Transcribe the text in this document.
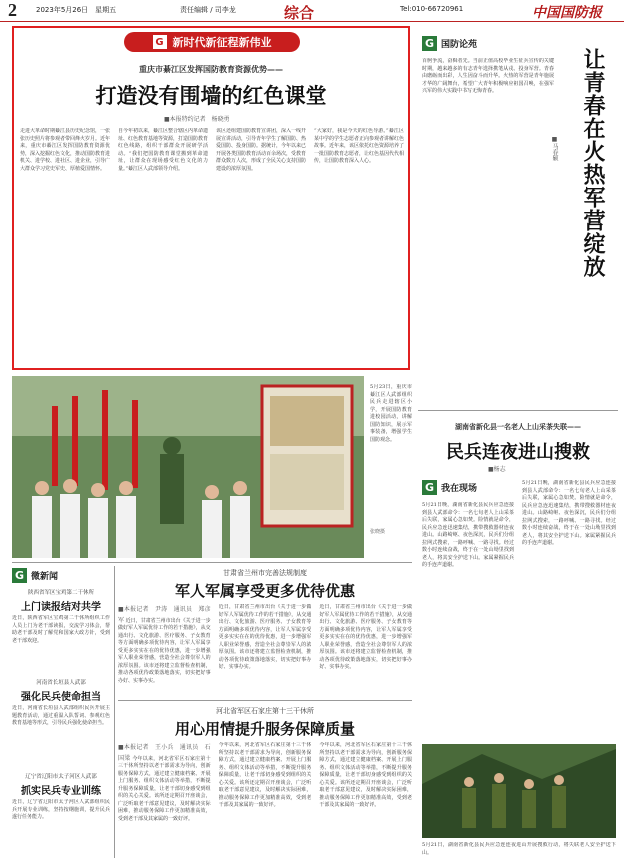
2	2023年5月26日　星期五	责任编辑 / 司李龙	综合	Tel:010-66720961	中国国防报
G 新时代新征程新伟业
重庆市綦江区发挥国防教育资源优势——
打造没有围墙的红色课堂
■本报特约记者　杨晓勇
走进大革命时期綦江县历史纪念馆，一张张历史照片将参观者带回烽火岁月。近年来，重庆市綦江区发挥国防教育资源优势，深入挖掘红色文化，推动国防教育进机关、进学校、进社区、进企业，引导广大群众学习党史军史、厚植爱国情怀。
自今年初以来，綦江区整合辖区内革命遗址、红色教育基地等资源，打造国防教育红色线路，组织干部群众开展研学活动。“我们把国防教育课堂搬到革命遗址，让群众在现场感受红色文化的力量。”綦江区人武部领导介绍。
该区还组建国防教育宣讲团，深入一线开展宣讲活动，引导青年学生了解国防、热爱国防、投身国防。据统计，今年以来已开展各类国防教育活动百余场次，受教育群众数万人次，形成了全民关心支持国防建设的浓厚氛围。
“大家好，我是今天的红色导游。”綦江区某中学的学生志愿者正向参观者讲解红色故事。近年来，该区依托红色资源培养了一批国防教育志愿者，让红色基因代代相传，让国防教育深入人心。
G 国防论苑
百舸争流，奋楫者先。当前正值高校毕业生征兵宣传的关键时期，越来越多的有志青年选择携笔从戎、投身军营。青春由磨砺而出彩，人生因奋斗而升华。火热的军营是青年施展才华的广阔舞台，希望广大青年积极响应祖国召唤，在强军兴军的伟大实践中书写无悔青春。	让青春在火热军营绽放
■马春颖
5月23日，重庆市綦江区人武部组织民兵走进辖区小学，开展国防教育进校园活动，讲解国防知识，展示军事装备，增强学生国防观念。
张晓摄
湖南省新化县一名老人上山采茶失联——
民兵连夜进山搜救
■杨志
G 我在现场
5月21日晚，湖南省新化县民兵应急连接到县人武部命令：一名七旬老人上山采茶后失联，家属心急如焚。险情就是命令，民兵应急连迅速集结，携带搜救器材连夜进山。山路崎岖、夜色深沉，民兵们分组拉网式搜索，一路呼喊、一路寻找。经过数小时连续奋战，终于在一处山坳里找到老人，将其安全护送下山。家属紧握民兵的手连声道谢。
5月21日晚，湖南省新化县民兵应急连接到县人武部命令：一名七旬老人上山采茶后失联，家属心急如焚。险情就是命令，民兵应急连迅速集结，携带搜救器材连夜进山。山路崎岖、夜色深沉，民兵们分组拉网式搜索，一路呼喊、一路寻找。经过数小时连续奋战，终于在一处山坳里找到老人，将其安全护送下山。家属紧握民兵的手连声道谢。
5月21日，湖南省新化县民兵应急连连夜进山开展搜救行动，将失联老人安全护送下山。
G 微新闻
陕西省军区宝鸡第二干休所
上门读报结对共学
近日，陕西省军区宝鸡第二干休所组织工作人员上门为老干部读报，交流学习体会，帮助老干部及时了解党和国家大政方针，受到老干部欢迎。
河南省长垣县人武部
强化民兵使命担当
近日，河南省长垣县人武部组织民兵开展主题教育活动，通过重温入队誓词、参观红色教育基地等形式，引导民兵强化使命担当。
辽宁省辽阳市太子河区人武部
抓实民兵专业训练
近日，辽宁省辽阳市太子河区人武部组织民兵开展专业训练，坚持按纲施训，提升民兵遂行任务能力。
甘肃省兰州市完善法规制度
军人军属享受更多优待优惠
■本报记者　尹涛　通讯员　郑彦军 近日，甘肃省兰州市出台《关于进一步做好军人军属优待工作的若干措施》，从交通出行、文化旅游、医疗服务、子女教育等方面明确多项优待内容，让军人军属享受更多实实在在的优待优惠，进一步增强军人职业荣誉感，营造全社会尊崇军人的浓厚氛围。该市还将建立监督检查机制，推动各项优待政策落地落实，切实把好事办好、实事办实。
近日，甘肃省兰州市出台《关于进一步做好军人军属优待工作的若干措施》，从交通出行、文化旅游、医疗服务、子女教育等方面明确多项优待内容，让军人军属享受更多实实在在的优待优惠，进一步增强军人职业荣誉感，营造全社会尊崇军人的浓厚氛围。该市还将建立监督检查机制，推动各项优待政策落地落实，切实把好事办好、实事办实。
近日，甘肃省兰州市出台《关于进一步做好军人军属优待工作的若干措施》，从交通出行、文化旅游、医疗服务、子女教育等方面明确多项优待内容，让军人军属享受更多实实在在的优待优惠，进一步增强军人职业荣誉感，营造全社会尊崇军人的浓厚氛围。该市还将建立监督检查机制，推动各项优待政策落地落实，切实把好事办好、实事办实。
河北省军区石家庄第十三干休所
用心用情提升服务保障质量
■本报记者　王小兵　通讯员　石国梁 今年以来，河北省军区石家庄第十三干休所坚持以老干部需求为导向，创新服务保障方式，通过建立健康档案、开展上门服务、组织文体活动等举措，不断提升服务保障质量，让老干部切身感受到组织的关心关爱。该所还定期召开座谈会，广泛听取老干部意见建议，及时解决实际困难，推动服务保障工作更加精准高效，受到老干部及其家属的一致好评。
今年以来，河北省军区石家庄第十三干休所坚持以老干部需求为导向，创新服务保障方式，通过建立健康档案、开展上门服务、组织文体活动等举措，不断提升服务保障质量，让老干部切身感受到组织的关心关爱。该所还定期召开座谈会，广泛听取老干部意见建议，及时解决实际困难，推动服务保障工作更加精准高效，受到老干部及其家属的一致好评。
今年以来，河北省军区石家庄第十三干休所坚持以老干部需求为导向，创新服务保障方式，通过建立健康档案、开展上门服务、组织文体活动等举措，不断提升服务保障质量，让老干部切身感受到组织的关心关爱。该所还定期召开座谈会，广泛听取老干部意见建议，及时解决实际困难，推动服务保障工作更加精准高效，受到老干部及其家属的一致好评。
